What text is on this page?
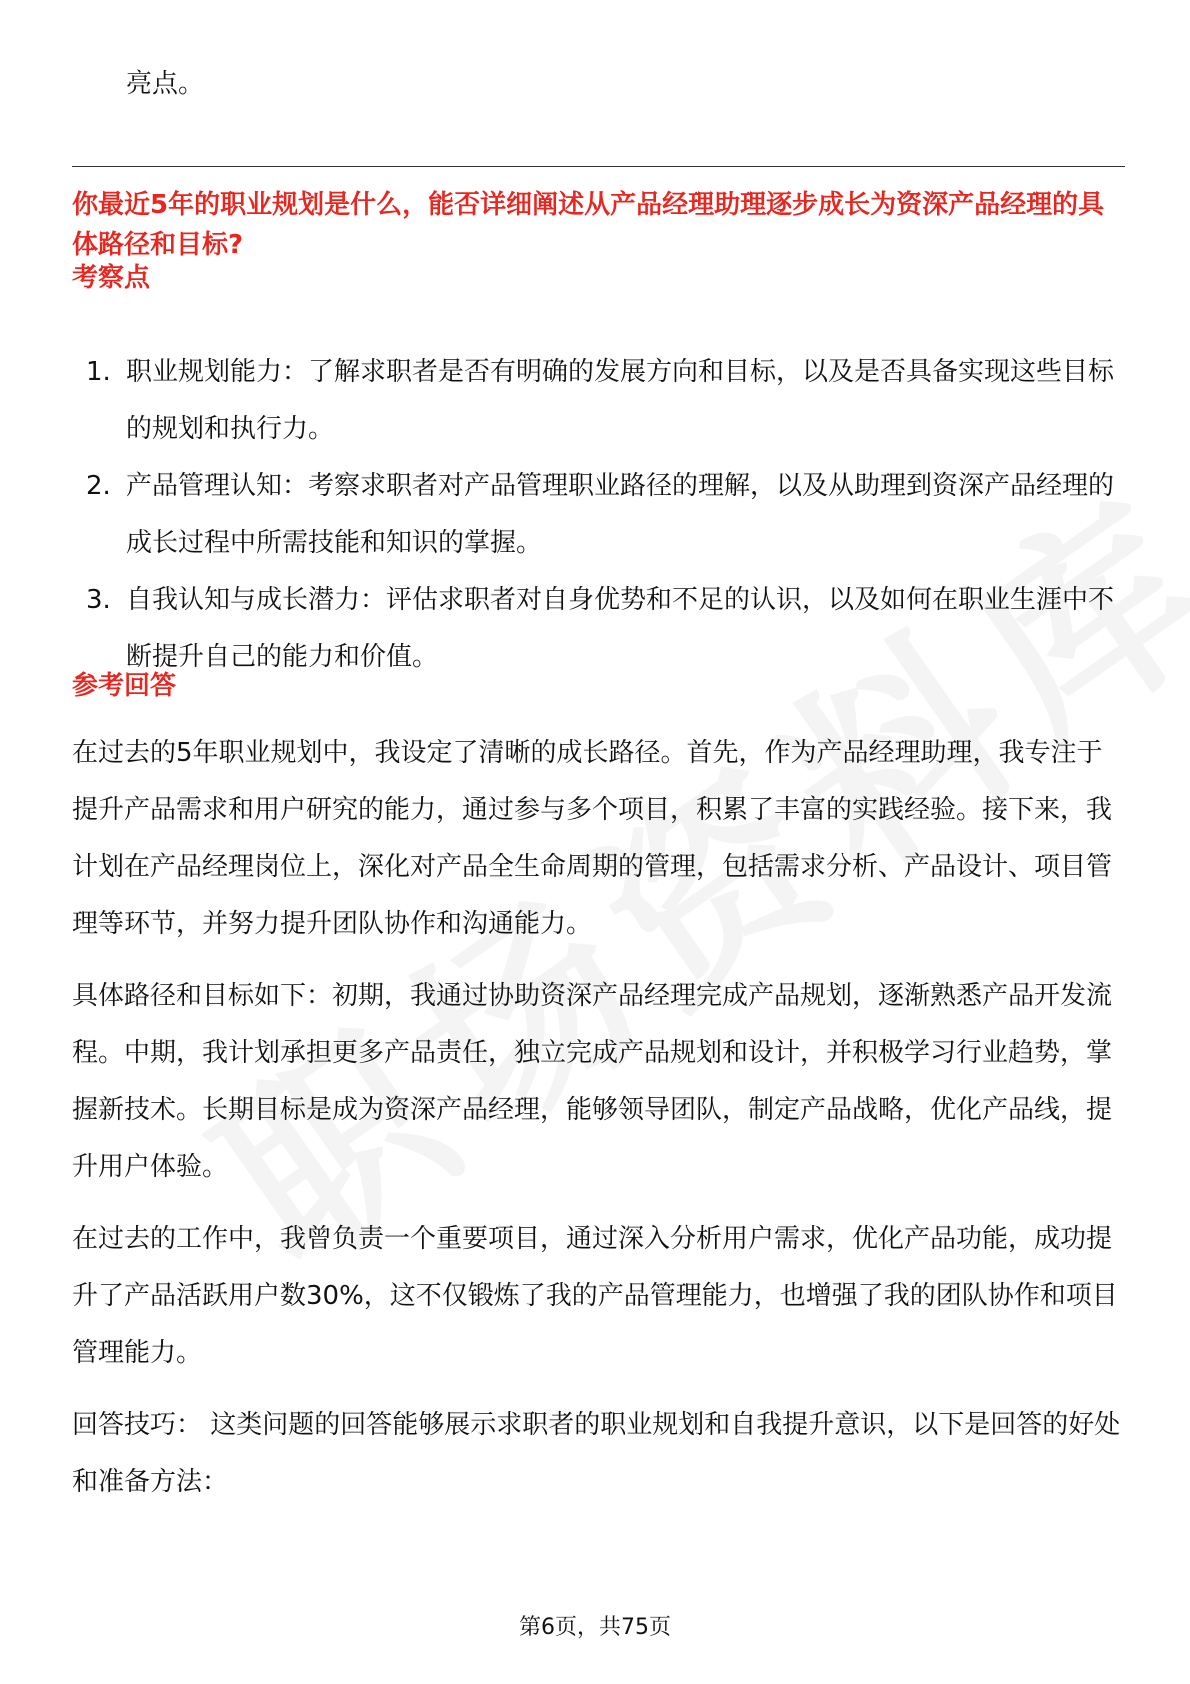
亮点。

你最近5年的职业规划是什么，能否详细阐述从产品经理助理逐步成长为资深产品经理的具体路径和目标?

考察点

1. 职业规划能力：了解求职者是否有明确的发展方向和目标，以及是否具备实现这些目标的规划和执行力。
2. 产品管理认知：考察求职者对产品管理职业路径的理解，以及从助理到资深产品经理的成长过程中所需技能和知识的掌握。
3. 自我认知与成长潜力：评估求职者对自身优势和不足的认识，以及如何在职业生涯中不断提升自己的能力和价值。

参考回答

在过去的5年职业规划中，我设定了清晰的成长路径。首先，作为产品经理助理，我专注于提升产品需求和用户研究的能力，通过参与多个项目，积累了丰富的实践经验。接下来，我计划在产品经理岗位上，深化对产品全生命周期的管理，包括需求分析、产品设计、项目管理等环节，并努力提升团队协作和沟通能力。

具体路径和目标如下：初期，我通过协助资深产品经理完成产品规划，逐渐熟悉产品开发流程。中期，我计划承担更多产品责任，独立完成产品规划和设计，并积极学习行业趋势，掌握新技术。长期目标是成为资深产品经理，能够领导团队，制定产品战略，优化产品线，提升用户体验。

在过去的工作中，我曾负责一个重要项目，通过深入分析用户需求，优化产品功能，成功提升了产品活跃用户数30%，这不仅锻炼了我的产品管理能力，也增强了我的团队协作和项目管理能力。

回答技巧： 这类问题的回答能够展示求职者的职业规划和自我提升意识，以下是回答的好处和准备方法：

第6页，共75页
